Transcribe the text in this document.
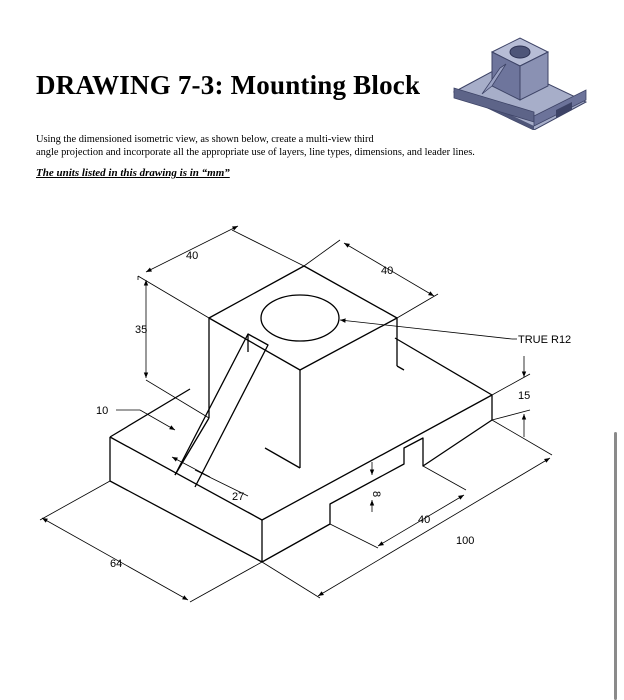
DRAWING 7-3: Mounting Block

Using the dimensioned isometric view, as shown below, create a multi-view third
angle projection and incorporate all the appropriate use of layers, line types, dimensions, and leader lines.

The units listed in this drawing is in “mm”

40
40
35
TRUE R12
15
10
27	8
40
100
64
